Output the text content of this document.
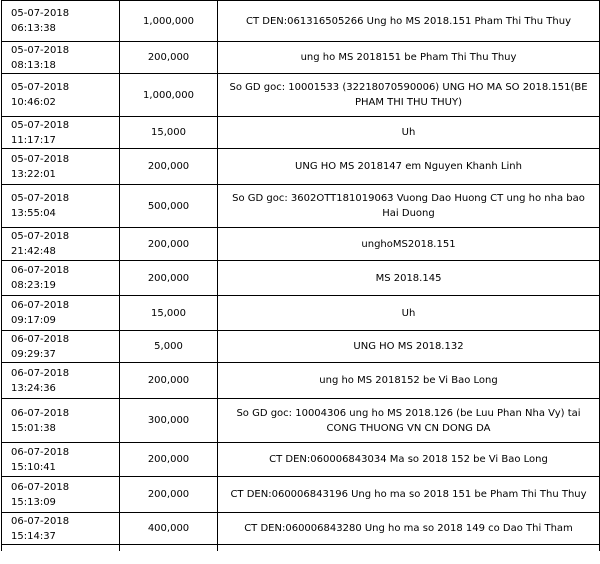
05-07-2018 06:13:38	1,000,000	CT DEN:061316505266 Ung ho MS 2018.151 Pham Thi Thu Thuy
05-07-2018 08:13:18	200,000	ung ho MS 2018151 be Pham Thi Thu Thuy
05-07-2018 10:46:02	1,000,000	So GD goc: 10001533 (32218070590006) UNG HO MA SO 2018.151(BE PHAM THI THU THUY)
05-07-2018 11:17:17	15,000	Uh
05-07-2018 13:22:01	200,000	UNG HO MS 2018147 em Nguyen Khanh Linh
05-07-2018 13:55:04	500,000	So GD goc: 3602OTT181019063 Vuong Dao Huong CT ung ho nha bao Hai Duong
05-07-2018 21:42:48	200,000	unghoMS2018.151
06-07-2018 08:23:19	200,000	MS 2018.145
06-07-2018 09:17:09	15,000	Uh
06-07-2018 09:29:37	5,000	UNG HO MS 2018.132
06-07-2018 13:24:36	200,000	ung ho MS 2018152 be Vi Bao Long
06-07-2018 15:01:38	300,000	So GD goc: 10004306 ung ho MS 2018.126 (be Luu Phan Nha Vy) tai CONG THUONG VN CN DONG DA
06-07-2018 15:10:41	200,000	CT DEN:060006843034 Ma so 2018 152 be Vi Bao Long
06-07-2018 15:13:09	200,000	CT DEN:060006843196 Ung ho ma so 2018 151 be Pham Thi Thu Thuy
06-07-2018 15:14:37	400,000	CT DEN:060006843280 Ung ho ma so 2018 149 co Dao Thi Tham
